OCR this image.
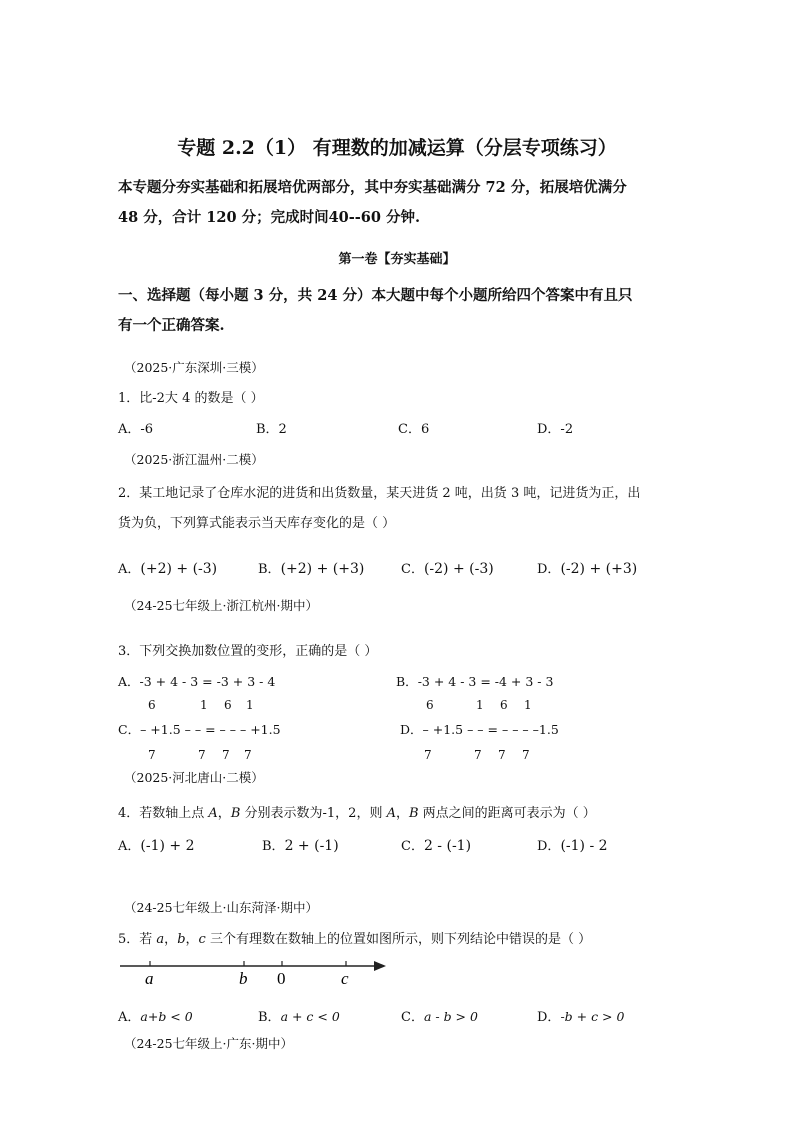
专题 2.2（1） 有理数的加减运算（分层专项练习）
本专题分夯实基础和拓展培优两部分，其中夯实基础满分 72 分，拓展培优满分
48 分，合计 120 分；完成时间40--60 分钟.
第一卷【夯实基础】
一、选择题（每小题 3 分，共 24 分）本大题中每个小题所给四个答案中有且只
有一个正确答案.
（2025·广东深圳·三模）
1．比-2大 4 的数是（ ）
A．-6	B．2	C．6	D．-2
（2025·浙江温州·二模）
2．某工地记录了仓库水泥的进货和出货数量，某天进货 2 吨，出货 3 吨，记进货为正，出
货为负，下列算式能表示当天库存变化的是（ ）
A．(+2) + (-3)	B．(+2) + (+3)	C．(-2) + (-3)	D．(-2) + (+3)
（24-25七年级上·浙江杭州·期中）
3．下列交换加数位置的变形，正确的是（ ）
A．-3 + 4 - 3 = -3 + 3 - 4
6	1 6 1
B．-3 + 4 - 3 = -4 + 3 - 3
6	1 6 1
C．– +1.5 – – = – – – +1.5
7	7 7 7
D．– +1.5 – – = – – – –1.5
7	7 7 7
（2025·河北唐山·二模）
4．若数轴上点 A，B 分别表示数为-1，2，则 A，B 两点之间的距离可表示为（ ）
A．(-1) + 2	B．2 + (-1)	C．2 - (-1)	D．(-1) - 2
（24-25七年级上·山东菏泽·期中）
5．若 a，b，c 三个有理数在数轴上的位置如图所示，则下列结论中错误的是（ ）
a	b 0	c
A．a+b < 0	B．a + c < 0	C．a - b > 0	D．-b + c > 0
（24-25七年级上·广东·期中）
